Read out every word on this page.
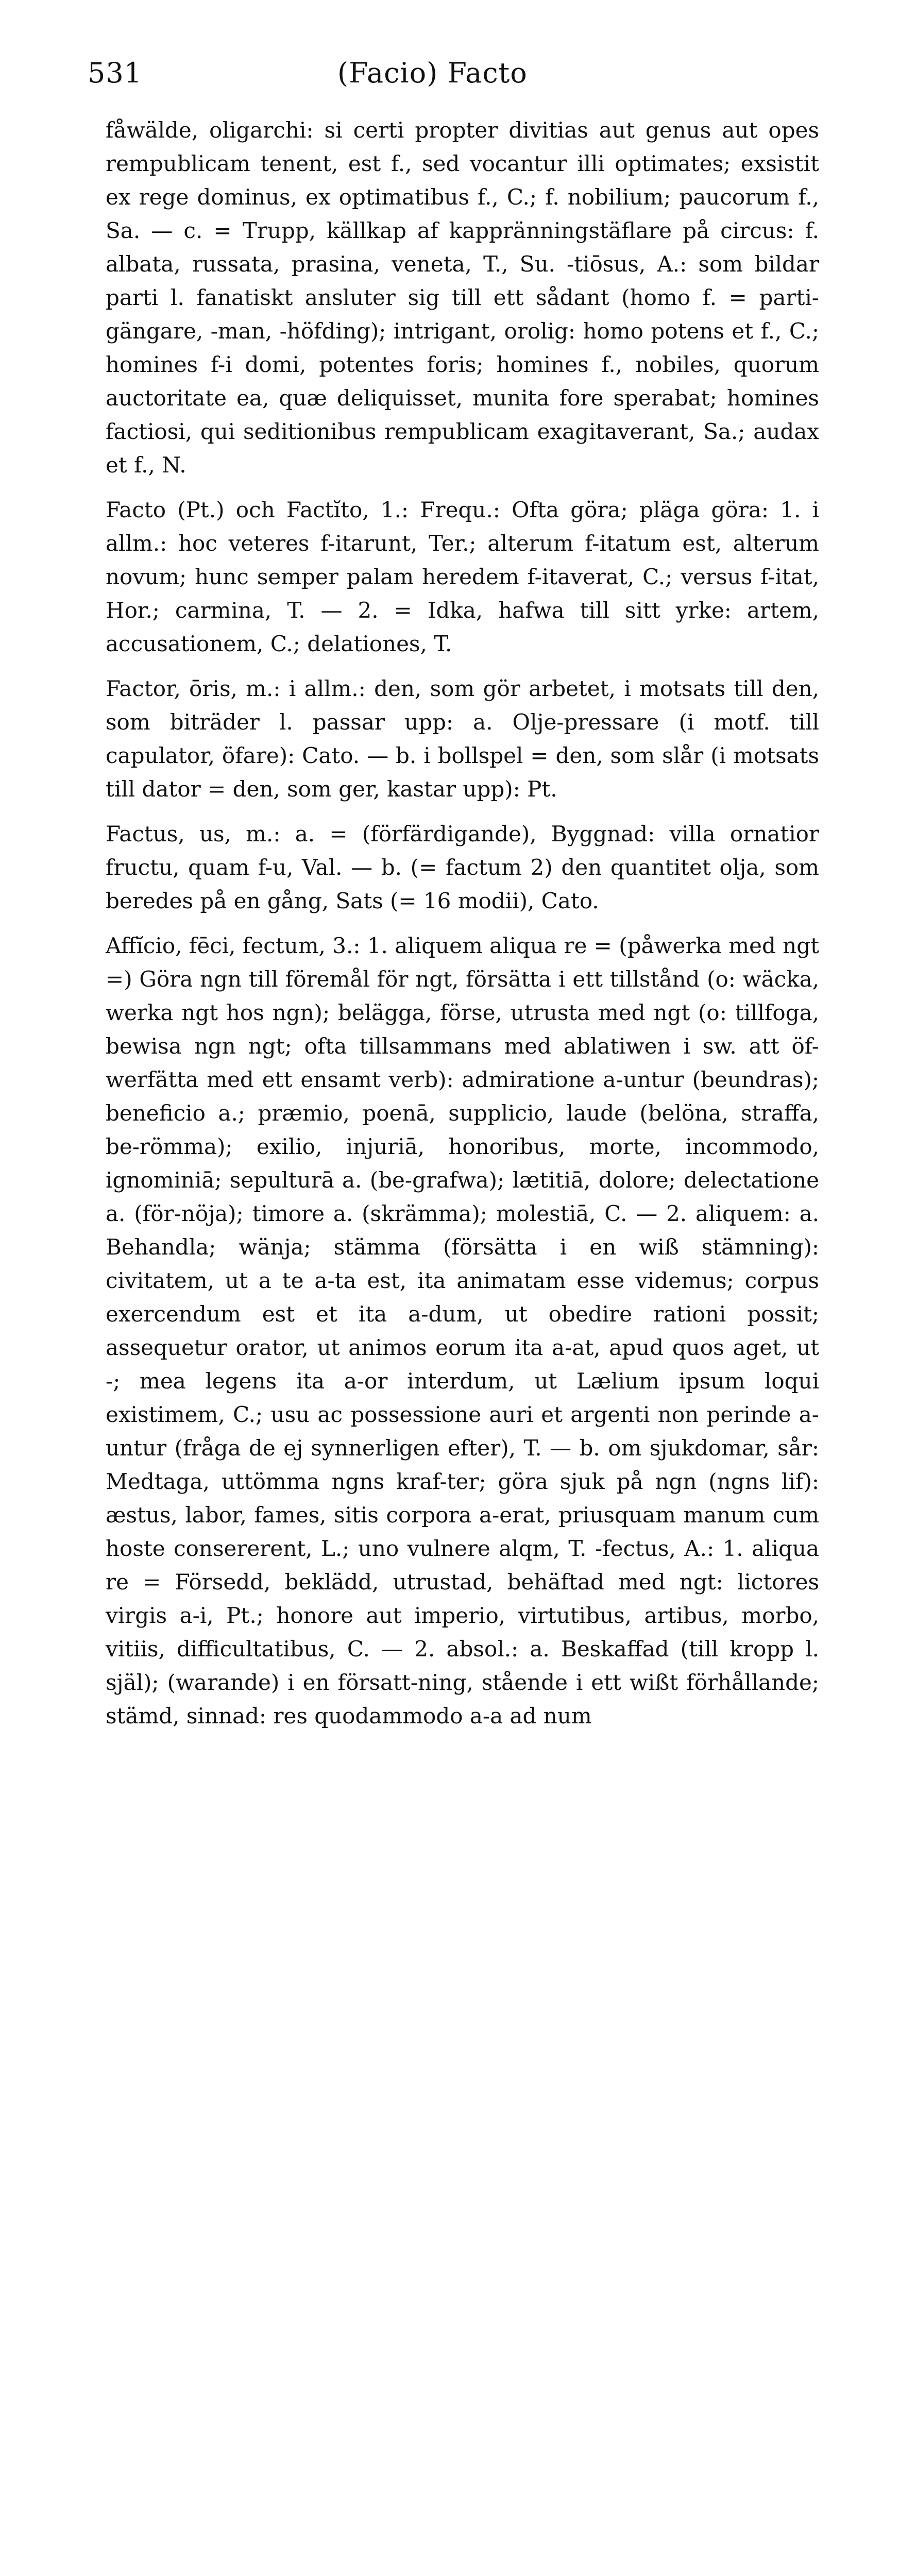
531	(Facio) Facto

fåwälde, oligarchi: si certi propter divitias aut genus aut opes rempublicam tenent, est f., sed vocantur illi optimates; exsistit ex rege dominus, ex optimatibus f., C.; f. nobilium; paucorum f., Sa. — c. = Trupp, källkap af kappränningstäflare på circus: f. albata, russata, prasina, veneta, T., Su. -tiōsus, A.: som bildar parti l. fanatiskt ansluter sig till ett sådant (homo f. = parti-gängare, -man, -höfding); intrigant, orolig: homo potens et f., C.; homines f-i domi, potentes foris; homines f., nobiles, quorum auctoritate ea, quæ deliquisset, munita fore sperabat; homines factiosi, qui seditionibus rempublicam exagitaverant, Sa.; audax et f., N.

Facto (Pt.) och Factĭto, 1.: Frequ.: Ofta göra; pläga göra: 1. i allm.: hoc veteres f-itarunt, Ter.; alterum f-itatum est, alterum novum; hunc semper palam heredem f-itaverat, C.; versus f-itat, Hor.; carmina, T. — 2. = Idka, hafwa till sitt yrke: artem, accusationem, C.; delationes, T.

Factor, ōris, m.: i allm.: den, som gör arbetet, i motsats till den, som biträder l. passar upp: a. Olje-pressare (i motf. till capulator, öfare): Cato. — b. i bollspel = den, som slår (i motsats till dator = den, som ger, kastar upp): Pt.

Factus, us, m.: a. = (förfärdigande), Byggnad: villa ornatior fructu, quam f-u, Val. — b. (= factum 2) den quantitet olja, som beredes på en gång, Sats (= 16 modii), Cato.

Affĭcio, fēci, fectum, 3.: 1. aliquem aliqua re = (påwerka med ngt =) Göra ngn till föremål för ngt, försätta i ett tillstånd (o: wäcka, werka ngt hos ngn); belägga, förse, utrusta med ngt (o: tillfoga, bewisa ngn ngt; ofta tillsammans med ablatiwen i sw. att öf-werfätta med ett ensamt verb): admiratione a-untur (beundras); beneficio a.; præmio, poenā, supplicio, laude (belöna, straffa, be-römma); exilio, injuriā, honoribus, morte, incommodo, ignominiā; sepulturā a. (be-grafwa); lætitiā, dolore; delectatione a. (för-nöja); timore a. (skrämma); molestiā, C. — 2. aliquem: a. Behandla; wänja; stämma (försätta i en wiß stämning): civitatem, ut a te a-ta est, ita animatam esse videmus; corpus exercendum est et ita a-dum, ut obedire rationi possit; assequetur orator, ut animos eorum ita a-at, apud quos aget, ut -; mea legens ita a-or interdum, ut Lælium ipsum loqui existimem, C.; usu ac possessione auri et argenti non perinde a-untur (fråga de ej synnerligen efter), T. — b. om sjukdomar, sår: Medtaga, uttömma ngns kraf-ter; göra sjuk på ngn (ngns lif): æstus, labor, fames, sitis corpora a-erat, priusquam manum cum hoste consererent, L.; uno vulnere alqm, T. -fectus, A.: 1. aliqua re = Försedd, beklädd, utrustad, behäftad med ngt: lictores virgis a-i, Pt.; honore aut imperio, virtutibus, artibus, morbo, vitiis, difficultatibus, C. — 2. absol.: a. Beskaffad (till kropp l. själ); (warande) i en försatt-ning, stående i ett wißt förhållande; stämd, sinnad: res quodammodo a-a ad num
